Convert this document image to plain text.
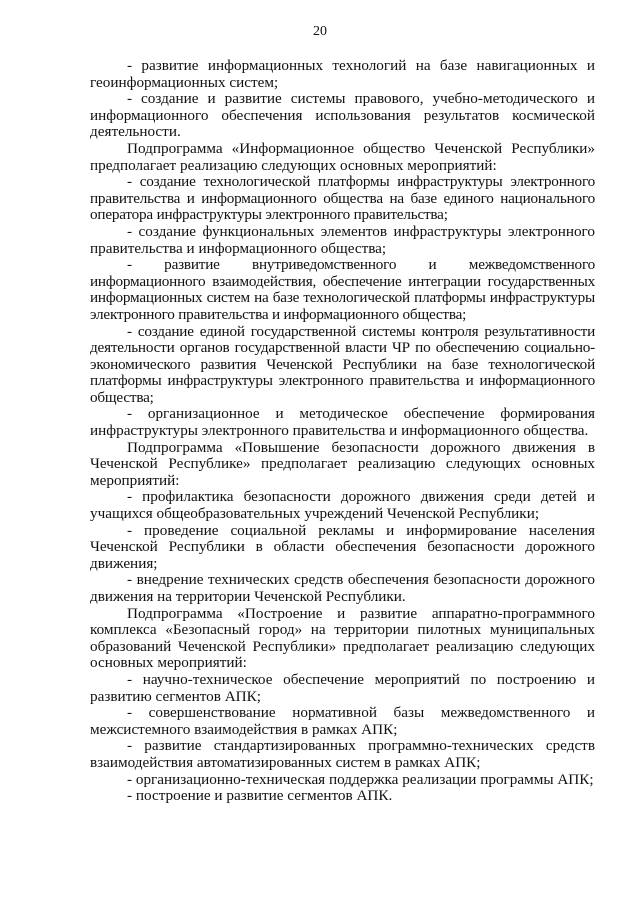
20

- развитие информационных технологий на базе навигационных и геоинформационных систем;

- создание и развитие системы правового, учебно-методического и информационного обеспечения использования результатов космической деятельности.

Подпрограмма «Информационное общество Чеченской Республики» предполагает реализацию следующих основных мероприятий:

- создание технологической платформы инфраструктуры электронного правительства и информационного общества на базе единого национального оператора инфраструктуры электронного правительства;

- создание функциональных элементов инфраструктуры электронного правительства и информационного общества;

- развитие внутриведомственного и межведомственного информационного взаимодействия, обеспечение интеграции государственных информационных систем на базе технологической платформы инфраструктуры электронного правительства и информационного общества;

- создание единой государственной системы контроля результативности деятельности органов государственной власти ЧР по обеспечению социально-экономического развития Чеченской Республики на базе технологической платформы инфраструктуры электронного правительства и информационного общества;

- организационное и методическое обеспечение формирования инфраструктуры электронного правительства и информационного общества.

Подпрограмма «Повышение безопасности дорожного движения в Чеченской Республике» предполагает реализацию следующих основных мероприятий:

- профилактика безопасности дорожного движения среди детей и учащихся общеобразовательных учреждений Чеченской Республики;

- проведение социальной рекламы и информирование населения Чеченской Республики в области обеспечения безопасности дорожного движения;

- внедрение технических средств обеспечения безопасности дорожного движения на территории Чеченской Республики.

Подпрограмма «Построение и развитие аппаратно-программного комплекса «Безопасный город» на территории пилотных муниципальных образований Чеченской Республики» предполагает реализацию следующих основных мероприятий:

- научно-техническое обеспечение мероприятий по построению и развитию сегментов АПК;

- совершенствование нормативной базы межведомственного и межсистемного взаимодействия в рамках АПК;

- развитие стандартизированных программно-технических средств взаимодействия автоматизированных систем в рамках АПК;

- организационно-техническая поддержка реализации программы АПК;

- построение и развитие сегментов АПК.
